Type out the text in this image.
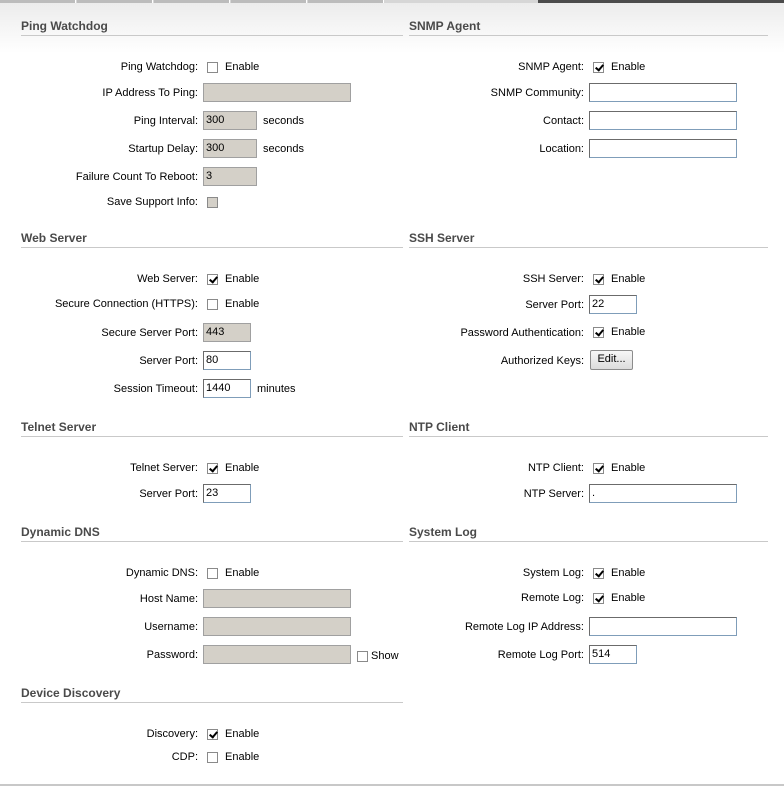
Ping Watchdog
Ping Watchdog: Enable
IP Address To Ping:
Ping Interval: 300	seconds
Startup Delay: 300	seconds
Failure Count To Reboot: 3
Save Support Info:
SNMP Agent
SNMP Agent: Enable
SNMP Community:
Contact:
Location:
Web Server
Web Server: Enable
Secure Connection (HTTPS): Enable
Secure Server Port: 443
Server Port: 80
Session Timeout: 1440	minutes
SSH Server
SSH Server: Enable
Server Port: 22
Password Authentication: Enable
Authorized Keys:	Edit...
Telnet Server
Telnet Server: Enable
Server Port: 23
NTP Client
NTP Client: Enable
NTP Server: .
Dynamic DNS
Dynamic DNS: Enable
Host Name:
Username:
Password:	Show
System Log
System Log: Enable
Remote Log: Enable
Remote Log IP Address:
Remote Log Port: 514
Device Discovery
Discovery: Enable
CDP: Enable
